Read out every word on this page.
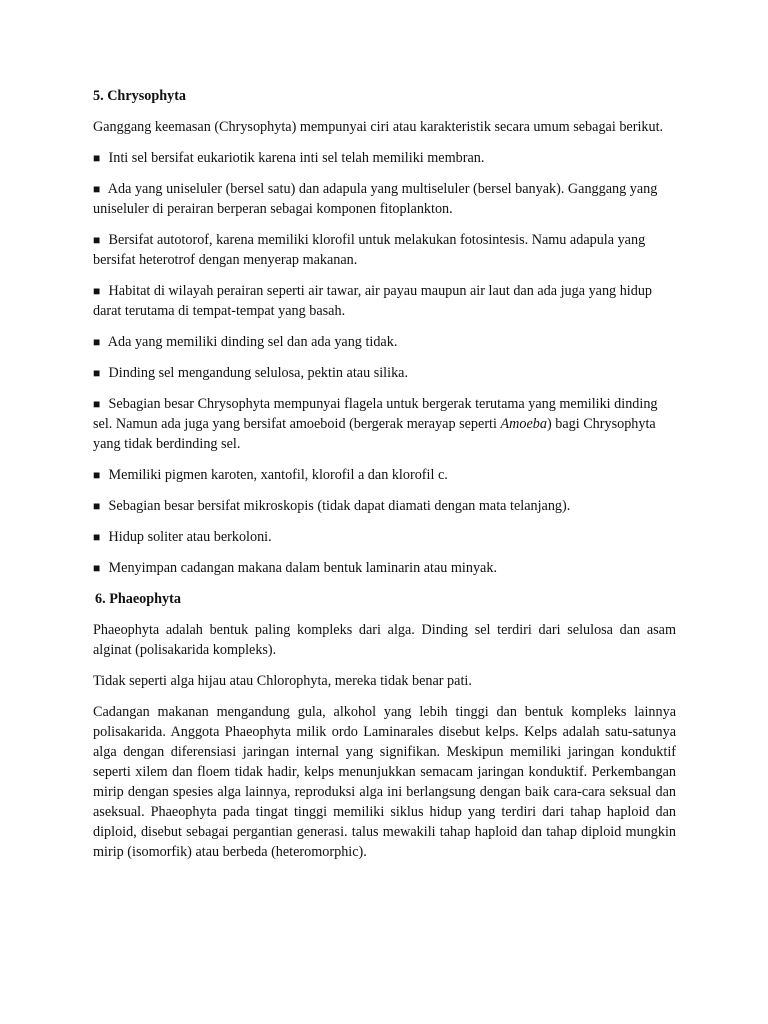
5. Chrysophyta
Ganggang keemasan (Chrysophyta) mempunyai ciri atau karakteristik secara umum sebagai berikut.
■ Inti sel bersifat eukariotik karena inti sel telah memiliki membran.
■ Ada yang uniseluler (bersel satu) dan adapula yang multiseluler (bersel banyak). Ganggang yang uniseluler di perairan berperan sebagai komponen fitoplankton.
■ Bersifat autotorof, karena memiliki klorofil untuk melakukan fotosintesis. Namu adapula yang bersifat heterotrof dengan menyerap makanan.
■ Habitat di wilayah perairan seperti air tawar, air payau maupun air laut dan ada juga yang hidup darat terutama di tempat-tempat yang basah.
■ Ada yang memiliki dinding sel dan ada yang tidak.
■ Dinding sel mengandung selulosa, pektin atau silika.
■ Sebagian besar Chrysophyta mempunyai flagela untuk bergerak terutama yang memiliki dinding sel. Namun ada juga yang bersifat amoeboid (bergerak merayap seperti Amoeba) bagi Chrysophyta yang tidak berdinding sel.
■ Memiliki pigmen karoten, xantofil, klorofil a dan klorofil c.
■ Sebagian besar bersifat mikroskopis (tidak dapat diamati dengan mata telanjang).
■ Hidup soliter atau berkoloni.
■ Menyimpan cadangan makana dalam bentuk laminarin atau minyak.
6. Phaeophyta
Phaeophyta adalah bentuk paling kompleks dari alga. Dinding sel terdiri dari selulosa dan asam alginat (polisakarida kompleks).
Tidak seperti alga hijau atau Chlorophyta, mereka tidak benar pati.
Cadangan makanan mengandung gula, alkohol yang lebih tinggi dan bentuk kompleks lainnya polisakarida. Anggota Phaeophyta milik ordo Laminarales disebut kelps. Kelps adalah satu-satunya alga dengan diferensiasi jaringan internal yang signifikan. Meskipun memiliki jaringan konduktif seperti xilem dan floem tidak hadir, kelps menunjukkan semacam jaringan konduktif. Perkembangan mirip dengan spesies alga lainnya, reproduksi alga ini berlangsung dengan baik cara-cara seksual dan aseksual. Phaeophyta pada tingat tinggi memiliki siklus hidup yang terdiri dari tahap haploid dan diploid, disebut sebagai pergantian generasi. talus mewakili tahap haploid dan tahap diploid mungkin mirip (isomorfik) atau berbeda (heteromorphic).
